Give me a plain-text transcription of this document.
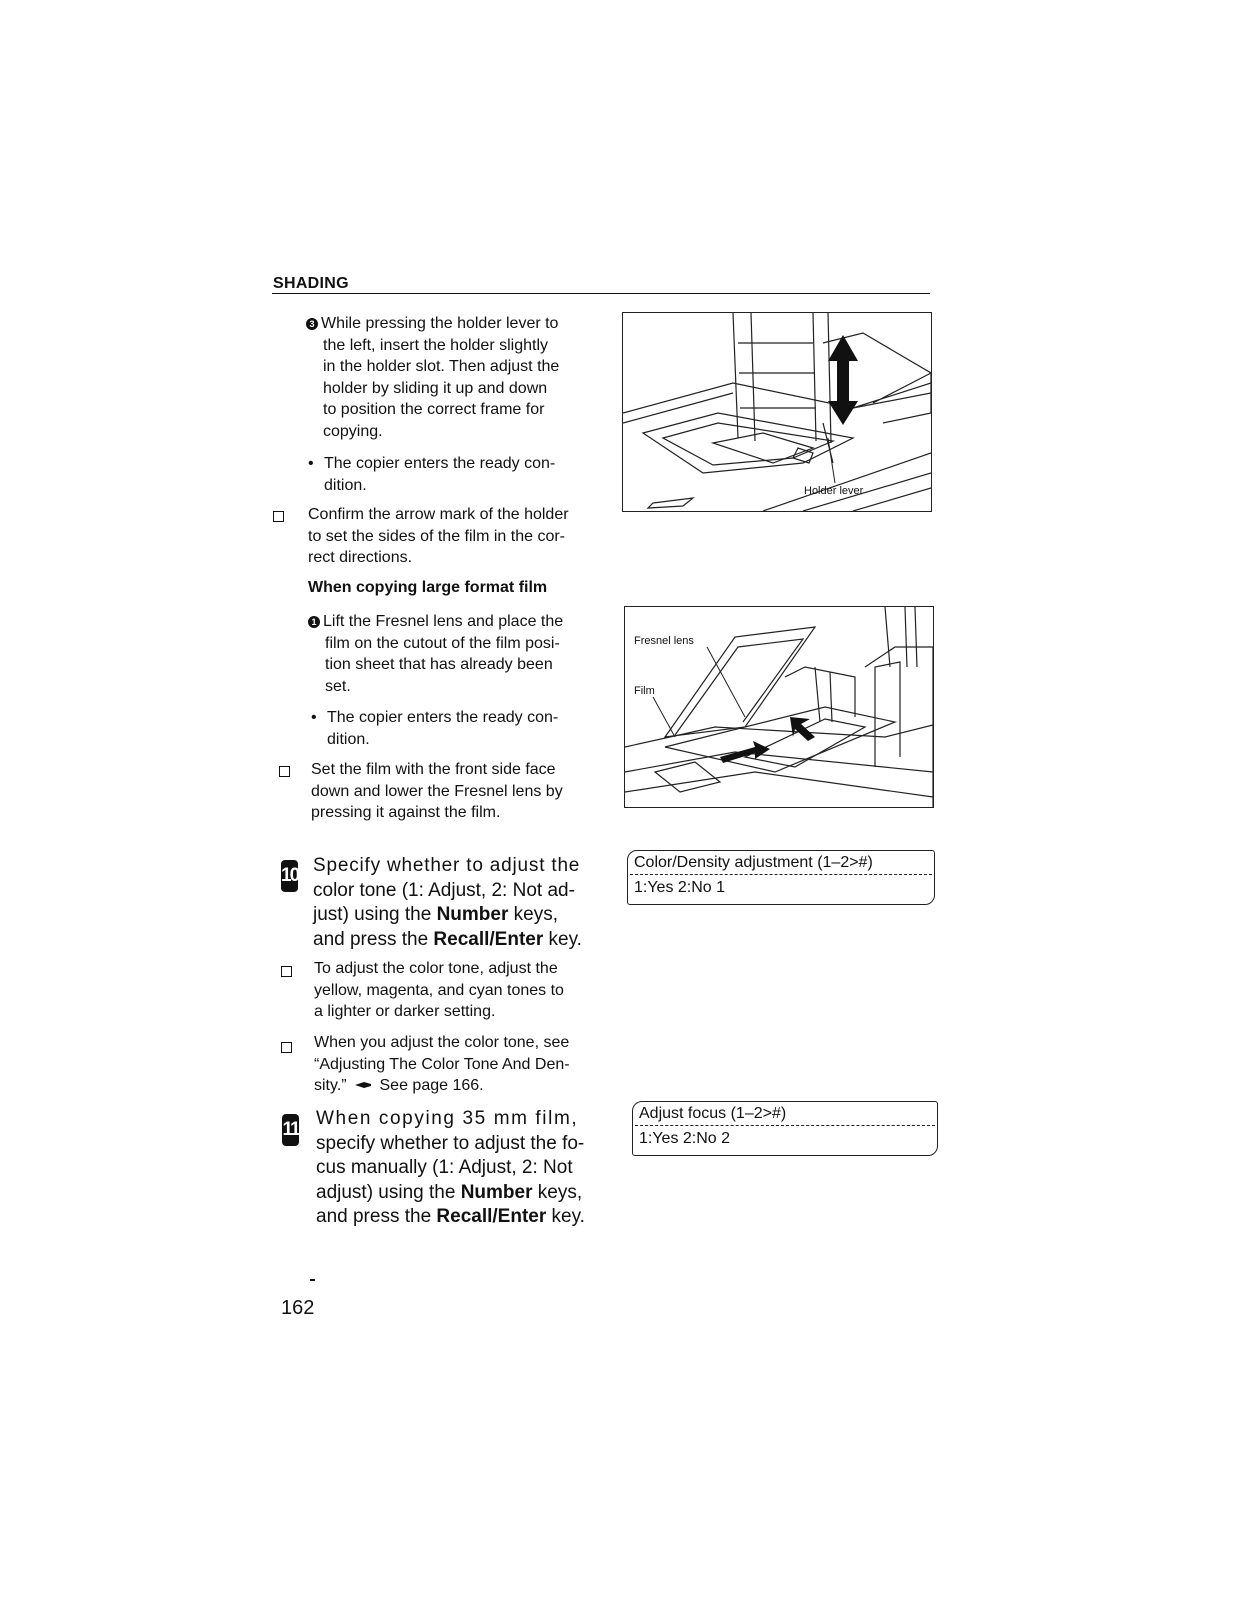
SHADING
3 While pressing the holder lever to
the left, insert the holder slightly
in the holder slot. Then adjust the
holder by sliding it up and down
to position the correct frame for
copying.
• The copier enters the ready con-
dition.
Confirm the arrow mark of the holder
to set the sides of the film in the cor-
rect directions.
When copying large format film
1 Lift the Fresnel lens and place the
film on the cutout of the film posi-
tion sheet that has already been
set.
• The copier enters the ready con-
dition.
Set the film with the front side face
down and lower the Fresnel lens by
pressing it against the film.
10 Specify whether to adjust the
color tone (1: Adjust, 2: Not ad-
just) using the Number keys,
and press the Recall/Enter key.
To adjust the color tone, adjust the
yellow, magenta, and cyan tones to
a lighter or darker setting.
When you adjust the color tone, see
“Adjusting The Color Tone And Den-
sity.” See page 166.
11
When copying 35 mm film,
specify whether to adjust the fo-
cus manually (1: Adjust, 2: Not
adjust) using the Number keys,
and press the Recall/Enter key.
Holder lever
Fresnel lens
Film
Color/Density adjustment (1–2>#)
1:Yes 2:No 1
Adjust focus (1–2>#)
1:Yes 2:No 2
162
